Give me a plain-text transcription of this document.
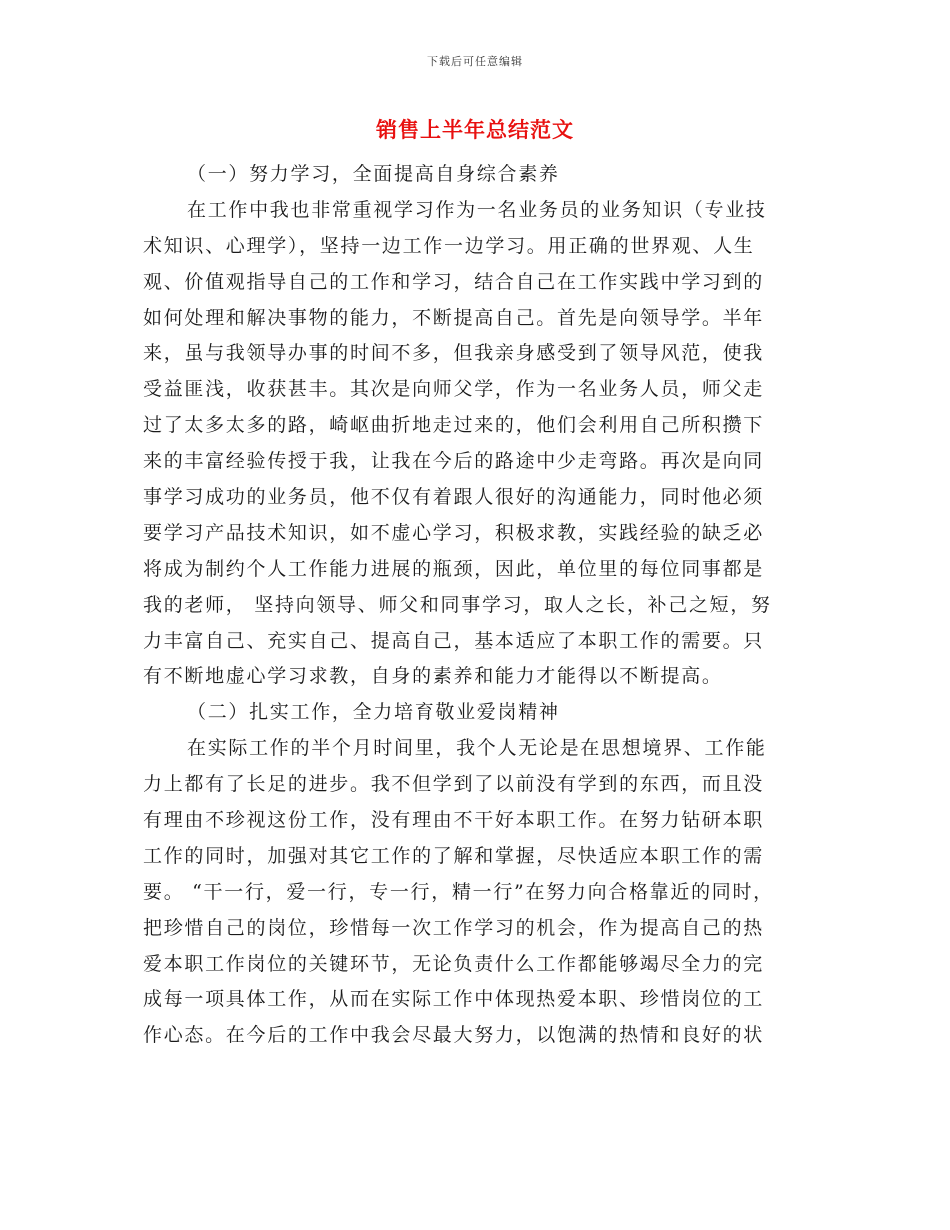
下载后可任意编辑
销售上半年总结范文
（一）努力学习，全面提高自身综合素养
在工作中我也非常重视学习作为一名业务员的业务知识（专业技
术知识、心理学），坚持一边工作一边学习。用正确的世界观、人生
观、价值观指导自己的工作和学习，结合自己在工作实践中学习到的
如何处理和解决事物的能力，不断提高自己。首先是向领导学。半年
来，虽与我领导办事的时间不多，但我亲身感受到了领导风范，使我
受益匪浅，收获甚丰。其次是向师父学，作为一名业务人员，师父走
过了太多太多的路，崎岖曲折地走过来的，他们会利用自己所积攒下
来的丰富经验传授于我，让我在今后的路途中少走弯路。再次是向同
事学习成功的业务员，他不仅有着跟人很好的沟通能力，同时他必须
要学习产品技术知识，如不虚心学习，积极求教，实践经验的缺乏必
将成为制约个人工作能力进展的瓶颈，因此，单位里的每位同事都是
我的老师， 坚持向领导、师父和同事学习，取人之长，补己之短，努
力丰富自己、充实自己、提高自己，基本适应了本职工作的需要。只
有不断地虚心学习求教，自身的素养和能力才能得以不断提高。
（二）扎实工作，全力培育敬业爱岗精神
在实际工作的半个月时间里，我个人无论是在思想境界、工作能
力上都有了长足的进步。我不但学到了以前没有学到的东西，而且没
有理由不珍视这份工作，没有理由不干好本职工作。在努力钻研本职
工作的同时，加强对其它工作的了解和掌握，尽快适应本职工作的需
要。 “干一行，爱一行，专一行，精一行”在努力向合格靠近的同时，
把珍惜自己的岗位，珍惜每一次工作学习的机会，作为提高自己的热
爱本职工作岗位的关键环节，无论负责什么工作都能够竭尽全力的完
成每一项具体工作，从而在实际工作中体现热爱本职、珍惜岗位的工
作心态。在今后的工作中我会尽最大努力，以饱满的热情和良好的状
